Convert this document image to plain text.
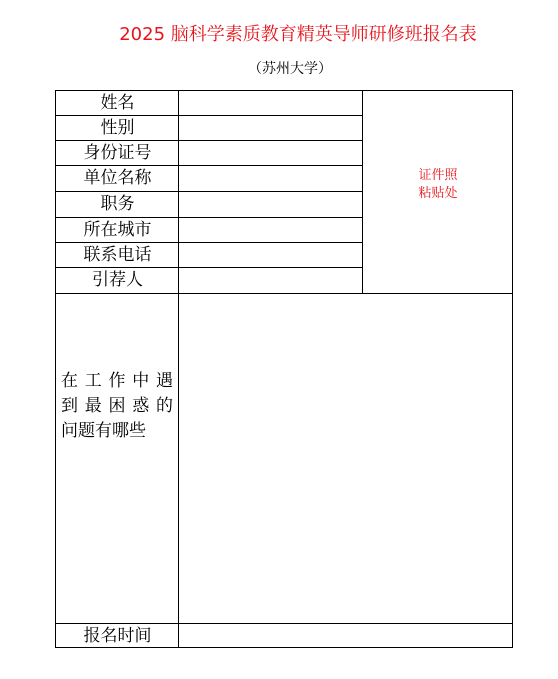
2025 脑科学素质教育精英导师研修班报名表
（苏州大学）
姓名
性别
身份证号
单位名称
职务
所在城市
联系电话
引荐人
证件照
粘贴处
在工作中遇
到最困惑的
问题有哪些
报名时间
